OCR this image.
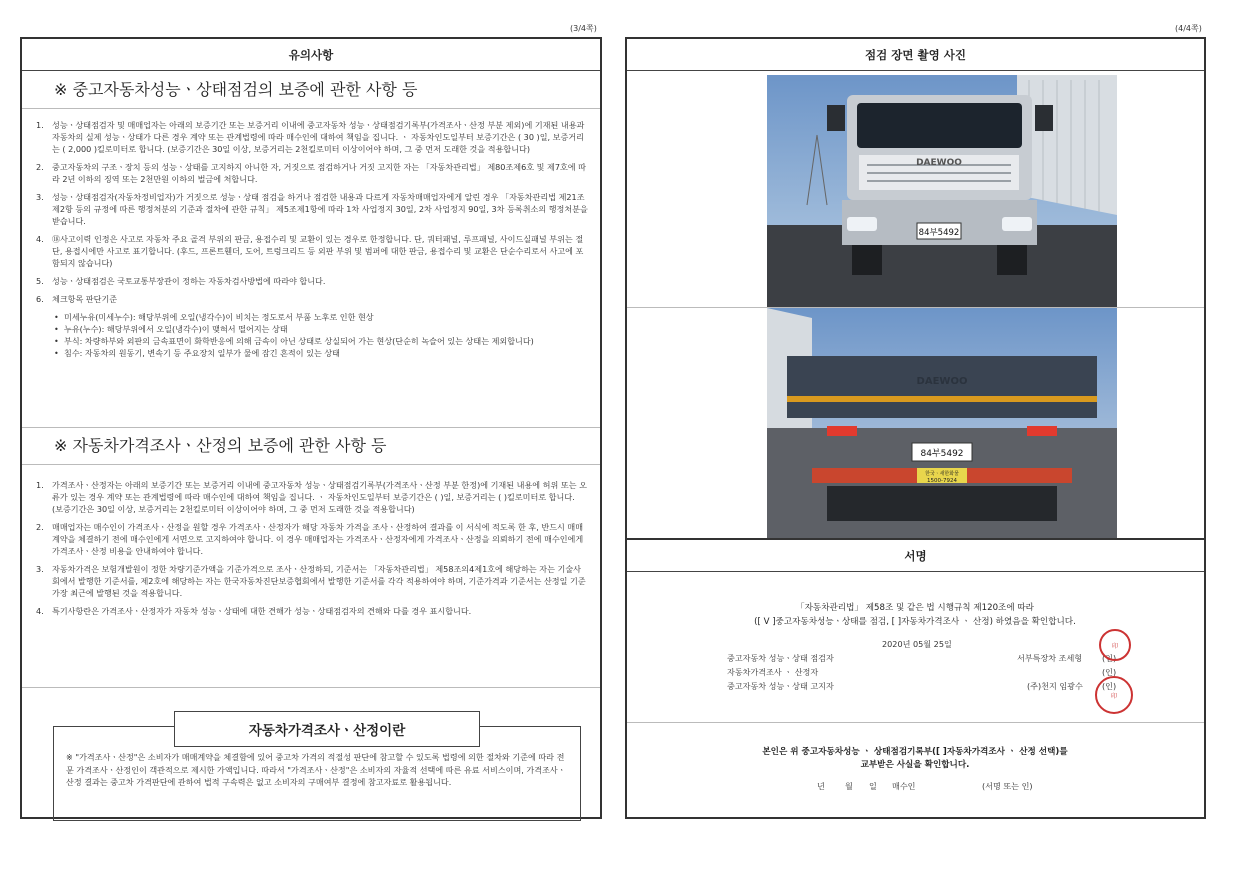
(3/4쪽)
유의사항
※ 중고자동차성능ㆍ상태점검의 보증에 관한 사항 등
1.	성능ㆍ상태점검자 및 매매업자는 아래의 보증기간 또는 보증거리 이내에 중고자동차 성능ㆍ상태점검기록부(가격조사ㆍ산정 부분 제외)에 기재된 내용과 자동차의 실제 성능ㆍ상태가 다른 경우 계약 또는 관계법령에 따라 매수인에 대하여 책임을 집니다. ㆍ 자동차인도일부터 보증기간은 ( 30 )일, 보증거리는 ( 2,000 )킬로미터로 합니다. (보증기간은 30일 이상, 보증거리는 2천킬로미터 이상이어야 하며, 그 중 먼저 도래한 것을 적용합니다)
2.	중고자동차의 구조ㆍ장치 등의 성능ㆍ상태를 고지하지 아니한 자, 거짓으로 점검하거나 거짓 고지한 자는 「자동차관리법」 제80조제6호 및 제7호에 따라 2년 이하의 징역 또는 2천만원 이하의 벌금에 처합니다.
3.	성능ㆍ상태점검자(자동차정비업자)가 거짓으로 성능ㆍ상태 점검을 하거나 점검한 내용과 다르게 자동차매매업자에게 알린 경우 「자동차관리법 제21조제2항 등의 규정에 따른 행정처분의 기준과 절차에 관한 규칙」 제5조제1항에 따라 1차 사업정지 30일, 2차 사업정지 90일, 3차 등록취소의 행정처분을 받습니다.
4.	⑱사고이력 인정은 사고로 자동차 주요 골격 부위의 판금, 용접수리 및 교환이 있는 경우로 한정합니다. 단, 쿼터패널, 루프패널, 사이드실패널 부위는 절단, 용접시에만 사고로 표기합니다. (후드, 프론트휀더, 도어, 트렁크리드 등 외판 부위 및 범퍼에 대한 판금, 용접수리 및 교환은 단순수리로서 사고에 포함되지 않습니다)
5.	성능ㆍ상태점검은 국토교통부장관이 정하는 자동차검사방법에 따라야 합니다.
6.	체크항목 판단기준
• 미세누유(미세누수): 해당부위에 오일(냉각수)이 비치는 정도로서 부품 노후로 인한 현상
• 누유(누수): 해당부위에서 오일(냉각수)이 맺혀서 떨어지는 상태
• 부식: 차량하부와 외판의 금속표면이 화학반응에 의해 금속이 아닌 상태로 상실되어 가는 현상(단순히 녹슬어 있는 상태는 제외합니다)
• 침수: 자동차의 원동기, 변속기 등 주요장치 일부가 물에 잠긴 흔적이 있는 상태
※ 자동차가격조사ㆍ산정의 보증에 관한 사항 등
1.	가격조사ㆍ산정자는 아래의 보증기간 또는 보증거리 이내에 중고자동차 성능ㆍ상태점검기록부(가격조사ㆍ산정 부분 한정)에 기재된 내용에 허위 또는 오류가 있는 경우 계약 또는 관계법령에 따라 매수인에 대하여 책임을 집니다. ㆍ 자동차인도일부터 보증기간은 ( )일, 보증거리는 ( )킬로미터로 합니다. (보증기간은 30일 이상, 보증거리는 2천킬로미터 이상이어야 하며, 그 중 먼저 도래한 것을 적용합니다)
2.	매매업자는 매수인이 가격조사ㆍ산정을 원할 경우 가격조사ㆍ산정자가 해당 자동차 가격을 조사ㆍ산정하여 결과를 이 서식에 적도록 한 후, 반드시 매매계약을 체결하기 전에 매수인에게 서면으로 고지하여야 합니다. 이 경우 매매업자는 가격조사ㆍ산정자에게 가격조사ㆍ산정을 의뢰하기 전에 매수인에게 가격조사ㆍ산정 비용을 안내하여야 합니다.
3.	자동차가격은 보험개발원이 정한 차량기준가액을 기준가격으로 조사ㆍ산정하되, 기준서는 「자동차관리법」 제58조의4제1호에 해당하는 자는 기술사회에서 발행한 기준서를, 제2호에 해당하는 자는 한국자동차진단보증협회에서 발행한 기준서를 각각 적용하여야 하며, 기준가격과 기준서는 산정일 기준 가장 최근에 발행된 것을 적용합니다.
4.	특기사항란은 가격조사ㆍ산정자가 자동차 성능ㆍ상태에 대한 견해가 성능ㆍ상태점검자의 견해와 다를 경우 표시합니다.
자동차가격조사ㆍ산정이란
※ "가격조사ㆍ산정"은 소비자가 매매계약을 체결함에 있어 중고차 가격의 적절성 판단에 참고할 수 있도록 법령에 의한 절차와 기준에 따라 전문 가격조사ㆍ산정인이 객관적으로 제시한 가액입니다. 따라서 "가격조사ㆍ산정"은 소비자의 자율적 선택에 따른 유료 서비스이며, 가격조사ㆍ산정 결과는 중고차 가격판단에 관하여 법적 구속력은 없고 소비자의 구매여부 결정에 참고자료로 활용됩니다.
(4/4쪽)
점검 장면 촬영 사진
DAEWOO
84부5492
DAEWOO
84부5492
한국ㆍ새한화물
1500-7924
서명
「자동차관리법」 제58조 및 같은 법 시행규칙 제120조에 따라
([ V ]중고자동차성능ㆍ상태를 점검, [ ]자동차가격조사 ㆍ 산정) 하였음을 확인합니다.
2020년 05월 25일
중고자동차 성능ㆍ상태 점검자	서부특장차 조세형 (인)
자동차가격조사 ㆍ 산정자	(인)
중고자동차 성능ㆍ상태 고지자	(주)천지 임광수 (인)
印
印
본인은 위 중고자동차성능 ㆍ 상태점검기록부([ ]자동차가격조사 ㆍ 산정 선택)를
교부받은 사실을 확인합니다.
년 월 일 매수인	(서명 또는 인)
